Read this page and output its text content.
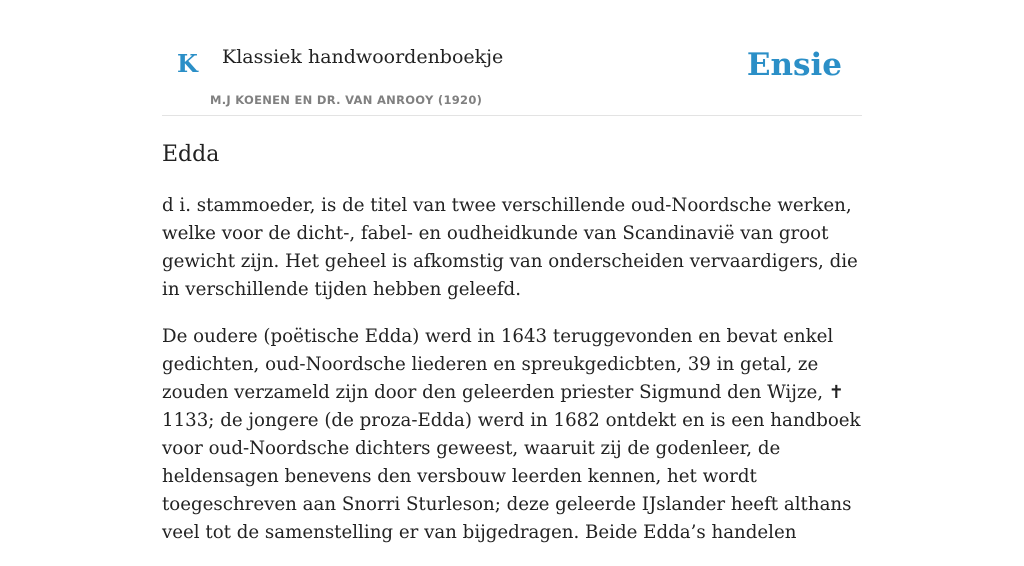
K Klassiek handwoordenboekje
M.J KOENEN EN DR. VAN ANROOY (1920)
Ensie
Edda

d i. stammoeder, is de titel van twee verschillende oud-Noordsche werken, welke voor de dicht-, fabel- en oudheidkunde van Scandinavië van groot gewicht zijn. Het geheel is afkomstig van onderscheiden vervaardigers, die in verschillende tijden hebben geleefd.

De oudere (poëtische Edda) werd in 1643 teruggevonden en bevat enkel gedichten, oud-Noordsche liederen en spreukgedicbten, 39 in getal, ze zouden verzameld zijn door den geleerden priester Sigmund den Wijze, ✝ 1133; de jongere (de proza-Edda) werd in 1682 ontdekt en is een handboek voor oud-Noordsche dichters geweest, waaruit zij de godenleer, de heldensagen benevens den versbouw leerden kennen, het wordt toegeschreven aan Snorri Sturleson; deze geleerde IJslander heeft althans veel tot de samenstelling er van bijgedragen. Beide Edda’s handelen
